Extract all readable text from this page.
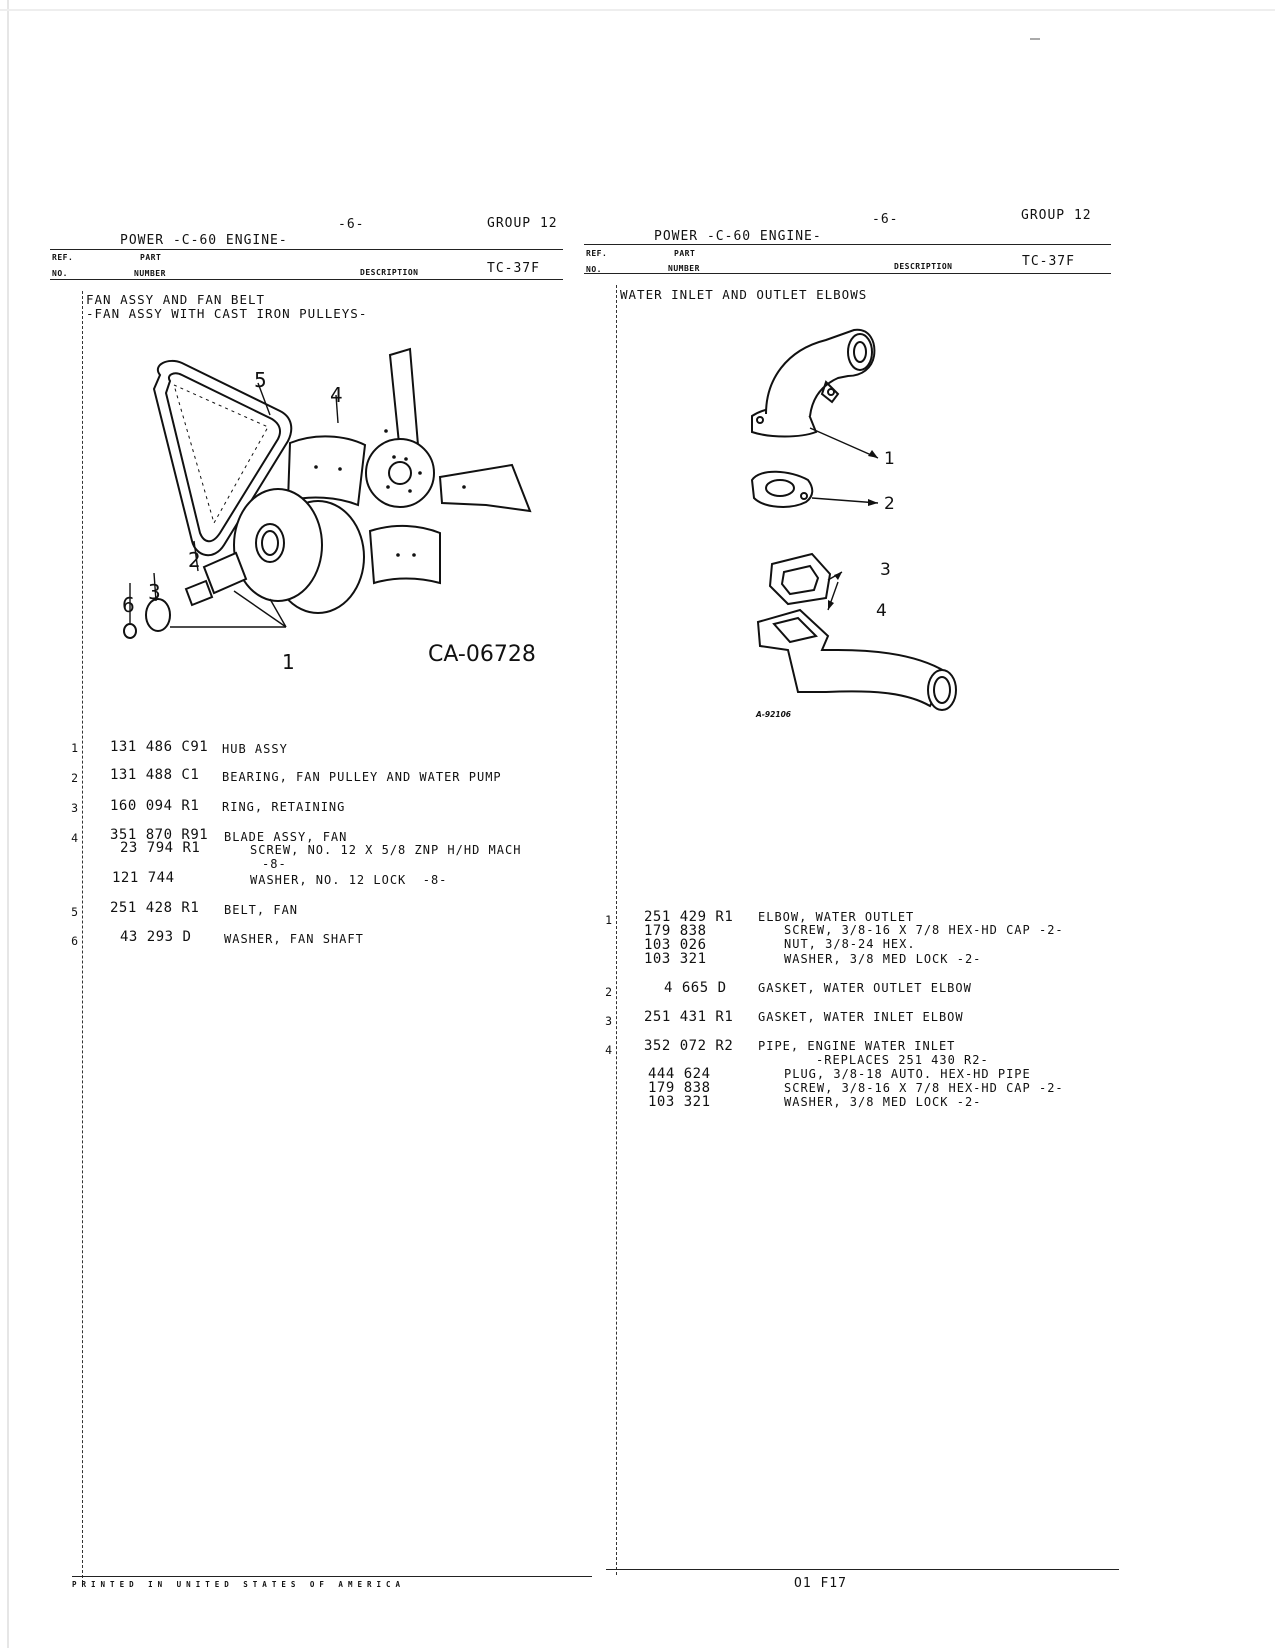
-6-	GROUP 12
POWER -C-60 ENGINE-
REF.	PART
NO.	NUMBER	DESCRIPTION	TC-37F
FAN ASSY AND FAN BELT
-FAN ASSY WITH CAST IRON PULLEYS-
5
4
2
3
6
1	CA-06728
1 131 486 C91 HUB ASSY
2 131 488 C1 BEARING, FAN PULLEY AND WATER PUMP
3 160 094 R1 RING, RETAINING
4 351 870 R91 BLADE ASSY, FAN
23 794 R1	SCREW, NO. 12 X 5/8 ZNP H/HD MACH
-8-
121 744	WASHER, NO. 12 LOCK  -8-
5 251 428 R1 BELT, FAN
6	43 293 D	WASHER, FAN SHAFT
-6-	GROUP 12
POWER -C-60 ENGINE-
REF.	PART
NO.	NUMBER	DESCRIPTION	TC-37F
WATER INLET AND OUTLET ELBOWS
1
2
3
4
A-92106
1 251 429 R1 ELBOW, WATER OUTLET
179 838	SCREW, 3/8-16 X 7/8 HEX-HD CAP -2-
103 026	NUT, 3/8-24 HEX.
103 321	WASHER, 3/8 MED LOCK -2-
2	4 665 D	GASKET, WATER OUTLET ELBOW
3 251 431 R1 GASKET, WATER INLET ELBOW
4 352 072 R2 PIPE, ENGINE WATER INLET
-REPLACES 251 430 R2-
444 624	PLUG, 3/8-18 AUTO. HEX-HD PIPE
179 838	SCREW, 3/8-16 X 7/8 HEX-HD CAP -2-
103 321	WASHER, 3/8 MED LOCK -2-
PRINTED IN UNITED STATES OF AMERICA	O1 F17
